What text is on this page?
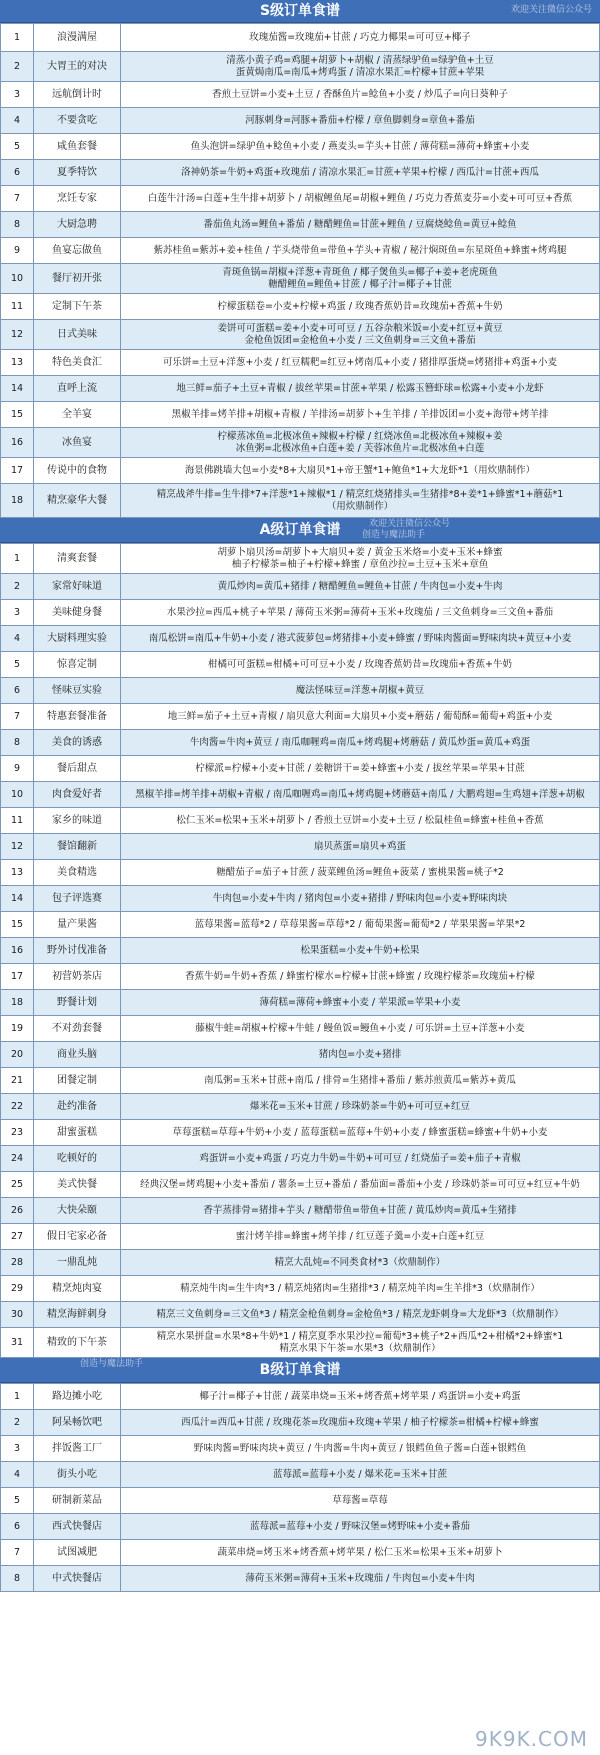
S级订单食谱	欢迎关注微信公众号
1	浪漫满屋	玫瑰茄酱=玫瑰茄+甘蔗 / 巧克力椰果=可可豆+椰子

2	大胃王的对决	清蒸小黄子鸡=鸡腿+胡萝卜+胡椒 / 清蒸绿驴鱼=绿驴鱼+土豆
蛋黄焗南瓜=南瓜+烤鸡蛋 / 清凉水果汇=柠檬+甘蔗+苹果

3	远航倒计时	香煎土豆饼=小麦+土豆 / 香酥鱼片=鲶鱼+小麦 / 炒瓜子=向日葵种子

4	不要贪吃	河豚刺身=河豚+番茄+柠檬 / 章鱼脚刺身=章鱼+番茄

5	咸鱼套餐	鱼头泡饼=绿驴鱼+鲶鱼+小麦 / 燕麦头=芋头+甘蔗 / 薄荷糕=薄荷+蜂蜜+小麦

6	夏季特饮	洛神奶茶=牛奶+鸡蛋+玫瑰茄 / 清凉水果汇=甘蔗+苹果+柠檬 / 西瓜汁=甘蔗+西瓜

7	烹饪专家	白莲牛汁汤=白莲+生牛排+胡萝卜 / 胡椒鲤鱼尾=胡椒+鲤鱼 / 巧克力香蕉麦芬=小麦+可可豆+香蕉

8	大厨急聘	番茄鱼丸汤=鲤鱼+番茄 / 糖醋鲤鱼=甘蔗+鲤鱼 / 豆腐烧鲶鱼=黄豆+鲶鱼

9	鱼宴忘做鱼	紫苏桂鱼=紫苏+姜+桂鱼 / 芋头烧带鱼=带鱼+芋头+青椒 / 秘汁焖斑鱼=东星斑鱼+蜂蜜+烤鸡腿

10	餐厅初开张	青斑鱼锅=胡椒+洋葱+青斑鱼 / 椰子煲鱼头=椰子+姜+老虎斑鱼
糖醋鲤鱼=鲤鱼+甘蔗 / 椰子汁=椰子+甘蔗

11	定制下午茶	柠檬蛋糕卷=小麦+柠檬+鸡蛋 / 玫瑰香蕉奶昔=玫瑰茄+香蕉+牛奶

12	日式美味	姜饼可可蛋糕=姜+小麦+可可豆 / 五谷杂粮米饭=小麦+红豆+黄豆
金枪鱼饭团=金枪鱼+小麦 / 三文鱼刺身=三文鱼+番茄

13	特色美食汇	可乐饼=土豆+洋葱+小麦 / 红豆糯粑=红豆+烤南瓜+小麦 / 猪排厚蛋烧=烤猪排+鸡蛋+小麦

14	直呼上流	地三鲜=茄子+土豆+青椒 / 拔丝苹果=甘蔗+苹果 / 松露玉簪虾球=松露+小麦+小龙虾

15	全羊宴	黑椒羊排=烤羊排+胡椒+青椒 / 羊排汤=胡萝卜+生羊排 / 羊排饭团=小麦+海带+烤羊排

16	冰鱼宴	柠檬蒸冰鱼=北极冰鱼+辣椒+柠檬 / 红烧冰鱼=北极冰鱼+辣椒+姜
冰鱼粥=北极冰鱼+白莲+姜 / 芙蓉冰鱼片=北极冰鱼+白莲

17	传说中的食物	海景佛跳墙大包=小麦*8+大扇贝*1+帝王蟹*1+鲍鱼*1+大龙虾*1（用炊鼎制作）

18	精烹豪华大餐	精烹战斧牛排=生牛排*7+洋葱*1+辣椒*1 / 精烹红烧猪排头=生猪排*8+姜*1+蜂蜜*1+蘑菇*1
（用炊鼎制作）
A级订单食谱	欢迎关注微信公众号
创造与魔法助手
1	清爽套餐	胡萝卜扇贝汤=胡萝卜+大扇贝+姜 / 黄金玉米烙=小麦+玉米+蜂蜜
柚子柠檬茶=柚子+柠檬+蜂蜜 / 章鱼沙拉=土豆+玉米+章鱼

2	家常好味道	黄瓜炒肉=黄瓜+猪排 / 糖醋鲤鱼=鲤鱼+甘蔗 / 牛肉包=小麦+牛肉

3	美味健身餐	水果沙拉=西瓜+桃子+苹果 / 薄荷玉米粥=薄荷+玉米+玫瑰茄 / 三文鱼刺身=三文鱼+番茄

4	大厨料理实验	南瓜松饼=南瓜+牛奶+小麦 / 港式菠萝包=烤猪排+小麦+蜂蜜 / 野味肉酱面=野味肉块+黄豆+小麦

5	惊喜定制	柑橘可可蛋糕=柑橘+可可豆+小麦 / 玫瑰香蕉奶昔=玫瑰茄+香蕉+牛奶

6	怪味豆实验	魔法怪味豆=洋葱+胡椒+黄豆

7	特惠套餐准备	地三鲜=茄子+土豆+青椒 / 扇贝意大利面=大扇贝+小麦+蘑菇 / 葡萄酥=葡萄+鸡蛋+小麦

8	美食的诱惑	牛肉酱=牛肉+黄豆 / 南瓜咖喱鸡=南瓜+烤鸡腿+烤蘑菇 / 黄瓜炒蛋=黄瓜+鸡蛋

9	餐后甜点	柠檬派=柠檬+小麦+甘蔗 / 姜糖饼干=姜+蜂蜜+小麦 / 拔丝苹果=苹果+甘蔗

10	肉食爱好者	黑椒羊排=烤羊排+胡椒+青椒 / 南瓜咖喱鸡=南瓜+烤鸡腿+烤蘑菇+南瓜 / 大鹏鸡翅=生鸡翅+洋葱+胡椒

11	家乡的味道	松仁玉米=松果+玉米+胡萝卜 / 香煎土豆饼=小麦+土豆 / 松鼠桂鱼=蜂蜜+桂鱼+香蕉

12	餐馆翻新	扇贝蒸蛋=扇贝+鸡蛋

13	美食精选	糖醋茄子=茄子+甘蔗 / 菠菜鲤鱼汤=鲤鱼+菠菜 / 蜜桃果酱=桃子*2

14	包子评选赛	牛肉包=小麦+牛肉 / 猪肉包=小麦+猪排 / 野味肉包=小麦+野味肉块

15	量产果酱	蓝莓果酱=蓝莓*2 / 草莓果酱=草莓*2 / 葡萄果酱=葡萄*2 / 苹果果酱=苹果*2

16	野外讨伐准备	松果蛋糕=小麦+牛奶+松果

17	初营奶茶店	香蕉牛奶=牛奶+香蕉 / 蜂蜜柠檬水=柠檬+甘蔗+蜂蜜 / 玫瑰柠檬茶=玫瑰茄+柠檬

18	野餐计划	薄荷糕=薄荷+蜂蜜+小麦 / 苹果派=苹果+小麦

19	不对劲套餐	藤椒牛蛙=胡椒+柠檬+牛蛙 / 鳗鱼饭=鳗鱼+小麦 / 可乐饼=土豆+洋葱+小麦

20	商业头脑	猪肉包=小麦+猪排

21	团餐定制	南瓜粥=玉米+甘蔗+南瓜 / 排骨=生猪排+番茄 / 紫苏煎黄瓜=紫苏+黄瓜

22	赴约准备	爆米花=玉米+甘蔗 / 珍珠奶茶=牛奶+可可豆+红豆

23	甜蜜蛋糕	草莓蛋糕=草莓+牛奶+小麦 / 蓝莓蛋糕=蓝莓+牛奶+小麦 / 蜂蜜蛋糕=蜂蜜+牛奶+小麦

24	吃顿好的	鸡蛋饼=小麦+鸡蛋 / 巧克力牛奶=牛奶+可可豆 / 红烧茄子=姜+茄子+青椒

25	美式快餐	经典汉堡=烤鸡腿+小麦+番茄 / 薯条=土豆+番茄 / 番茄面=番茄+小麦 / 珍珠奶茶=可可豆+红豆+牛奶

26	大快朵颐	香芋蒸排骨=猪排+芋头 / 糖醋带鱼=带鱼+甘蔗 / 黄瓜炒肉=黄瓜+生猪排

27	假日宅家必备	蜜汁烤羊排=蜂蜜+烤羊排 / 红豆莲子羹=小麦+白莲+红豆

28	一鼎乱炖	精烹大乱炖=不同类食材*3（炊鼎制作）

29	精烹炖肉宴	精烹炖牛肉=生牛肉*3 / 精烹炖猪肉=生猪排*3 / 精烹炖羊肉=生羊排*3（炊鼎制作）

30	精烹海鲜刺身	精烹三文鱼刺身=三文鱼*3 / 精烹金枪鱼刺身=金枪鱼*3 / 精烹龙虾刺身=大龙虾*3（炊鼎制作）

31	精致的下午茶	精烹水果拼盘=水果*8+牛奶*1 / 精烹夏季水果沙拉=葡萄*3+桃子*2+西瓜*2+柑橘*2+蜂蜜*1
精烹水果下午茶=水果*3（炊鼎制作）
B级订单食谱
创造与魔法助手
1	路边摊小吃	椰子汁=椰子+甘蔗 / 蔬菜串烧=玉米+烤香蕉+烤苹果 / 鸡蛋饼=小麦+鸡蛋

2	阿呆畅饮吧	西瓜汁=西瓜+甘蔗 / 玫瑰花茶=玫瑰茄+玫瑰+苹果 / 柚子柠檬茶=柑橘+柠檬+蜂蜜

3	拌饭酱工厂	野味肉酱=野味肉块+黄豆 / 牛肉酱=牛肉+黄豆 / 银鳕鱼鱼子酱=白莲+银鳕鱼

4	街头小吃	蓝莓派=蓝莓+小麦 / 爆米花=玉米+甘蔗

5	研制新菜品	草莓酱=草莓

6	西式快餐店	蓝莓派=蓝莓+小麦 / 野味汉堡=烤野味+小麦+番茄

7	试图减肥	蔬菜串烧=烤玉米+烤香蕉+烤苹果 / 松仁玉米=松果+玉米+胡萝卜

8	中式快餐店	薄荷玉米粥=薄荷+玉米+玫瑰茄 / 牛肉包=小麦+牛肉
9K9K.COM
